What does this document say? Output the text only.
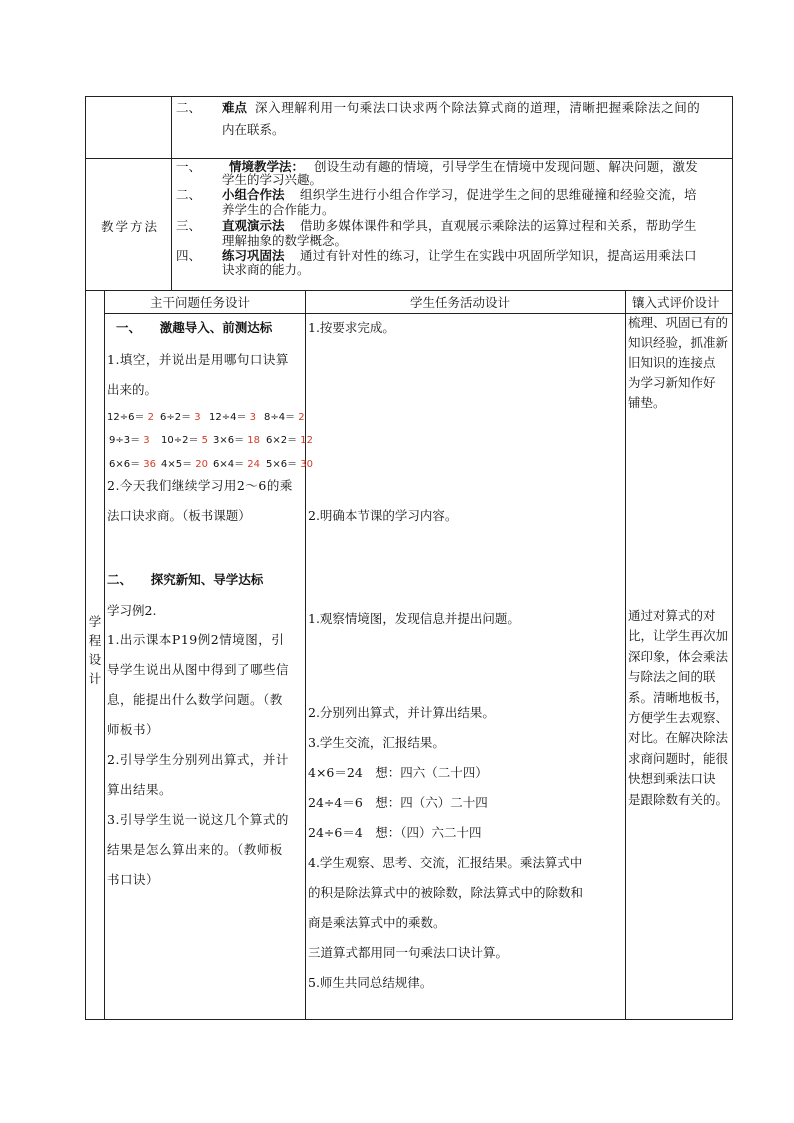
二、 难点 深入理解利用一句乘法口诀求两个除法算式商的道理，清晰把握乘除法之间的
内在联系。
教学方法
一、 情境教学法： 创设生动有趣的情境，引导学生在情境中发现问题、解决问题，激发
学生的学习兴趣。
二、 小组合作法 组织学生进行小组合作学习，促进学生之间的思维碰撞和经验交流，培
养学生的合作能力。
三、 直观演示法 借助多媒体课件和学具，直观展示乘除法的运算过程和关系，帮助学生
理解抽象的数学概念。
四、 练习巩固法 通过有针对性的练习，让学生在实践中巩固所学知识，提高运用乘法口
诀求商的能力。
学
程
设
计
主干问题任务设计	学生任务活动设计	镶入式评价设计
一、　　激趣导入、前测达标
1.填空，并说出是用哪句口诀算
出来的。
12÷6＝ 2 6÷2＝ 3 12÷4＝ 3 8÷4＝ 2
9÷3＝ 3 10÷2＝ 5 3×6＝ 18 6×2＝ 12
6×6＝ 36 4×5＝ 20 6×4＝ 24 5×6＝ 30
2.今天我们继续学习用2～6的乘
法口诀求商。（板书课题）
二、　　探究新知、导学达标
学习例2.
1.出示课本P19例2情境图，引
导学生说出从图中得到了哪些信
息，能提出什么数学问题。（教
师板书）
2.引导学生分别列出算式，并计
算出结果。
3.引导学生说一说这几个算式的
结果是怎么算出来的。（教师板
书口诀）
1.按要求完成。
2.明确本节课的学习内容。
1.观察情境图，发现信息并提出问题。
2.分别列出算式，并计算出结果。
3.学生交流，汇报结果。
4×6＝24　想：四六（二十四）
24÷4＝6　想：四（六）二十四
24÷6＝4　想：（四）六二十四
4.学生观察、思考、交流，汇报结果。乘法算式中
的积是除法算式中的被除数，除法算式中的除数和
商是乘法算式中的乘数。
三道算式都用同一句乘法口诀计算。
5.师生共同总结规律。
梳理、巩固已有的
知识经验，抓准新
旧知识的连接点
为学习新知作好
铺垫。
通过对算式的对
比，让学生再次加
深印象，体会乘法
与除法之间的联
系。清晰地板书，
方便学生去观察、
对比。在解决除法
求商问题时，能很
快想到乘法口诀
是跟除数有关的。
